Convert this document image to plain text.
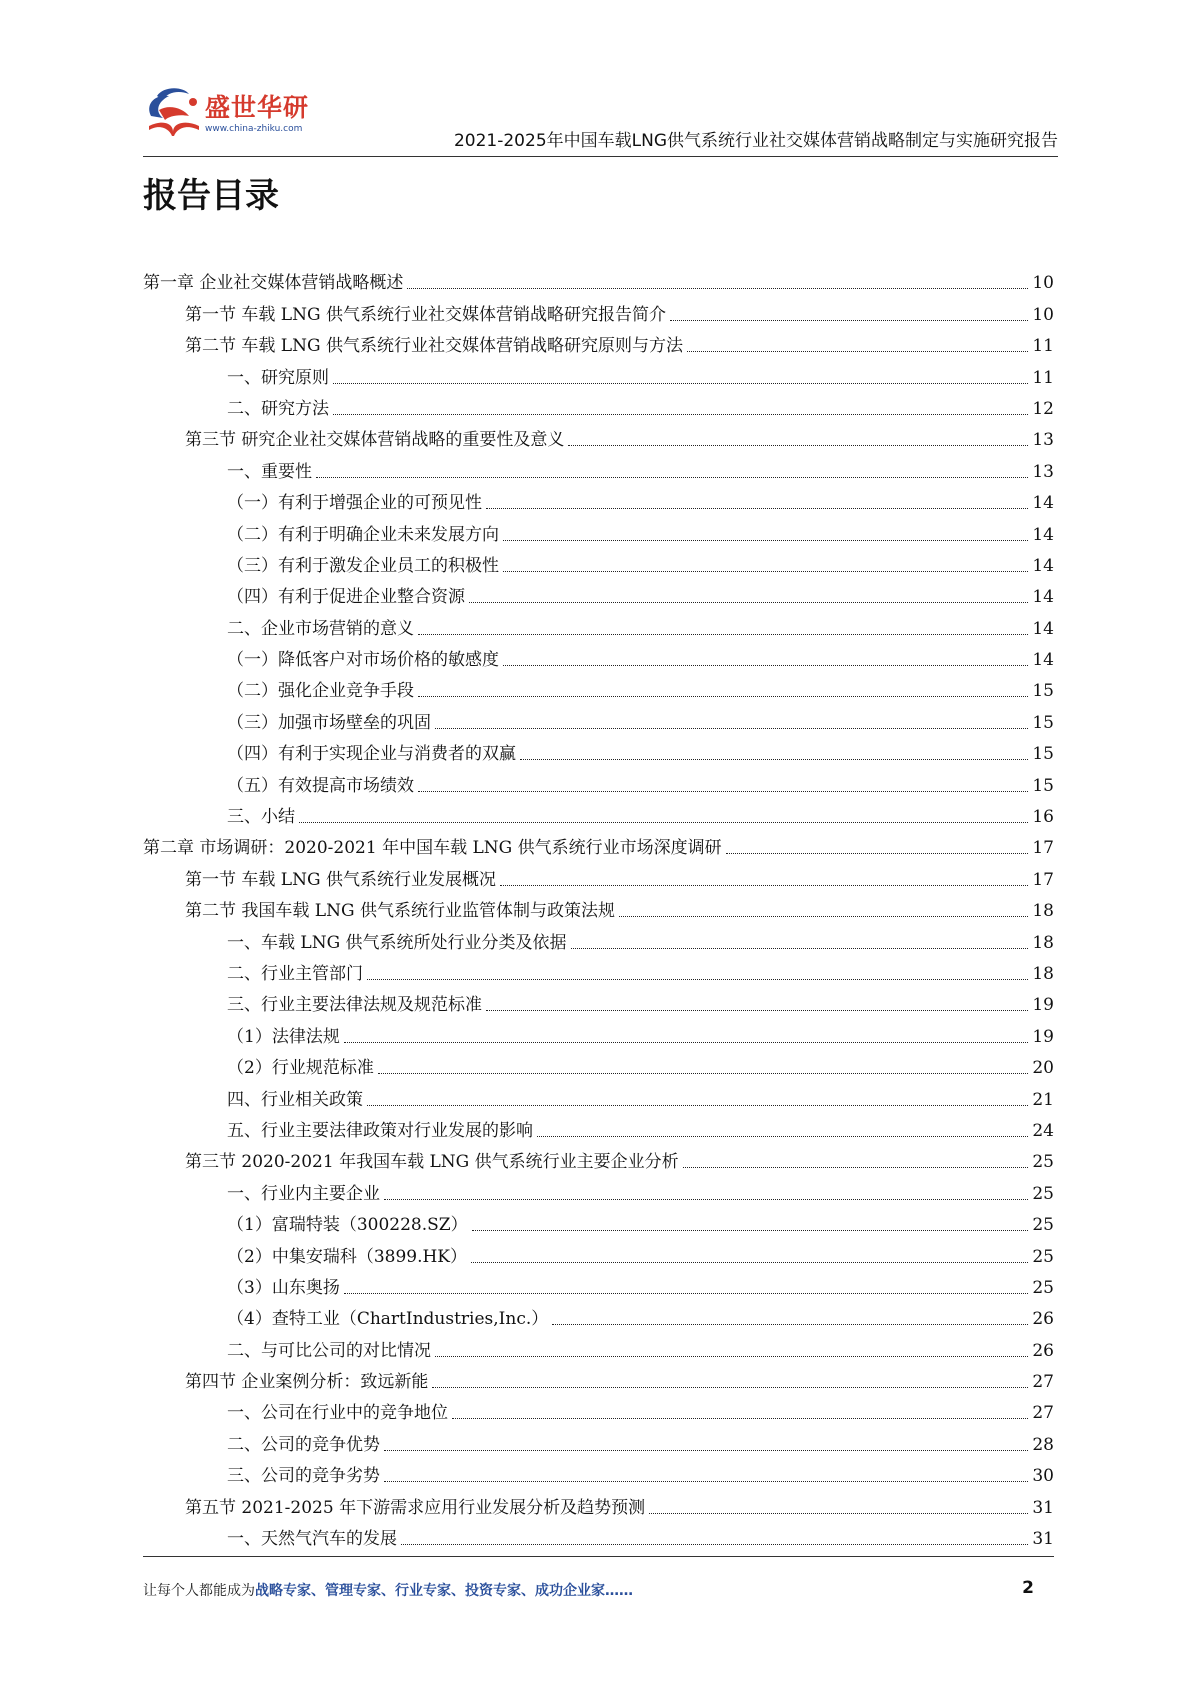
盛世华研
www.china-zhiku.com
2021-2025年中国车载LNG供气系统行业社交媒体营销战略制定与实施研究报告
报告目录
第一章 企业社交媒体营销战略概述	10
第一节 车载 LNG 供气系统行业社交媒体营销战略研究报告简介	10
第二节 车载 LNG 供气系统行业社交媒体营销战略研究原则与方法	11
一、研究原则	11
二、研究方法	12
第三节 研究企业社交媒体营销战略的重要性及意义	13
一、重要性	13
（一）有利于增强企业的可预见性	14
（二）有利于明确企业未来发展方向	14
（三）有利于激发企业员工的积极性	14
（四）有利于促进企业整合资源	14
二、企业市场营销的意义	14
（一）降低客户对市场价格的敏感度	14
（二）强化企业竞争手段	15
（三）加强市场壁垒的巩固	15
（四）有利于实现企业与消费者的双赢	15
（五）有效提高市场绩效	15
三、小结	16
第二章 市场调研：2020-2021 年中国车载 LNG 供气系统行业市场深度调研	17
第一节 车载 LNG 供气系统行业发展概况	17
第二节 我国车载 LNG 供气系统行业监管体制与政策法规	18
一、车载 LNG 供气系统所处行业分类及依据	18
二、行业主管部门	18
三、行业主要法律法规及规范标准	19
（1）法律法规	19
（2）行业规范标准	20
四、行业相关政策	21
五、行业主要法律政策对行业发展的影响	24
第三节 2020-2021 年我国车载 LNG 供气系统行业主要企业分析	25
一、行业内主要企业	25
（1）富瑞特装（300228.SZ）	25
（2）中集安瑞科（3899.HK）	25
（3）山东奥扬	25
（4）查特工业（ChartIndustries,Inc.）	26
二、与可比公司的对比情况	26
第四节 企业案例分析：致远新能	27
一、公司在行业中的竞争地位	27
二、公司的竞争优势	28
三、公司的竞争劣势	30
第五节 2021-2025 年下游需求应用行业发展分析及趋势预测	31
一、天然气汽车的发展	31
让每个人都能成为战略专家、管理专家、行业专家、投资专家、成功企业家……	2
